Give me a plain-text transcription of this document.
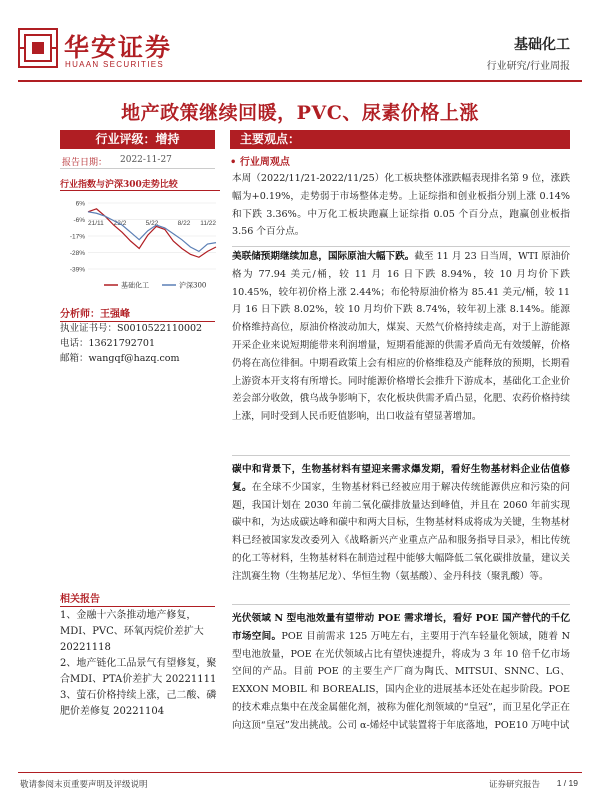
华安证券
HUAAN SECURITIES
基础化工
行业研究/行业周报
地产政策继续回暖，PVC、尿素价格上涨
行业评级：增持
报告日期： 2022-11-27
行业指数与沪深300走势比较
6%
-6%
-17%
-28%
-39%
21/11 22/2	5/22	8/22 11/22
基础化工	沪深300
分析师：王强峰
执业证书号：S0010522110002
电话：13621792701
邮箱：wangqf@hazq.com
相关报告

1、金融十六条推动地产修复，MDI、PVC、环氧丙烷价差扩大 20221118

2、地产链化工品景气有望修复，聚合MDI、PTA价差扩大 20221111

3、萤石价格持续上涨，己二酸、磷肥价差修复 20221104

主要观点：
• 行业周观点
本周（2022/11/21-2022/11/25）化工板块整体涨跌幅表现排名第 9 位，涨跌幅为+0.19%，走势弱于市场整体走势。上证综指和创业板指分别上涨 0.14%和下跌 3.36%。中万化工板块跑赢上证综指 0.05 个百分点，跑赢创业板指 3.56 个百分点。
美联储预期继续加息，国际原油大幅下跌。截至 11 月 23 日当周，WTI 原油价格为 77.94 美元/桶，较 11 月 16 日下跌 8.94%，较 10 月均价下跌 10.45%，较年初价格上涨 2.44%；布伦特原油价格为 85.41 美元/桶，较 11 月 16 日下跌 8.02%，较 10 月均价下跌 8.74%，较年初上涨 8.14%。能源价格维持高位，原油价格波动加大，煤炭、天然气价格持续走高，对于上游能源开采企业来说短期能带来利润增量，短期看能源的供需矛盾尚无有效缓解，价格仍将在高位徘徊。中期看政策上会有相应的价格维稳及产能释放的预期，长期看上游资本开支将有所增长。同时能源价格增长会推升下游成本，基础化工企业价差会部分收敛，俄乌战争影响下，农化板块供需矛盾凸显，化肥、农药价格持续上涨，同时受到人民币贬值影响，出口收益有望显著增加。
碳中和背景下，生物基材料有望迎来需求爆发期，看好生物基材料企业估值修复。在全球不少国家，生物基材料已经被应用于解决传统能源供应和污染的问题，我国计划在 2030 年前二氧化碳排放量达到峰值，并且在 2060 年前实现碳中和，为达成碳达峰和碳中和两大目标，生物基材料成将成为关键，生物基材料已经被国家发改委列入《战略新兴产业重点产品和服务指导目录》，相比传统的化工等材料，生物基材料在制造过程中能够大幅降低二氧化碳排放量，建议关注凯赛生物（生物基尼龙）、华恒生物（氨基酸）、金丹科技（聚乳酸）等。
光伏领域 N 型电池效量有望带动 POE 需求增长，看好 POE 国产替代的千亿市场空间。POE 目前需求 125 万吨左右，主要用于汽车轻量化领域，随着 N 型电池放量，POE 在光伏领域占比有望快速提升，将成为 3 年 10 倍千亿市场空间的产品。目前 POE 的主要生产厂商为陶氏、MITSUI、SNNC、LG、EXXON MOBIL 和 BOREALIS，国内企业的进展基本还处在起步阶段。POE 的技术难点集中在茂金属催化剂，被称为催化剂领域的“皇冠”，而卫星化学正在向这顶“皇冠”发出挑战。公司 α-烯烃中试装置将于年底落地，POE10 万吨中试
敬请参阅末页重要声明及评级说明	证券研究报告 1 / 19
